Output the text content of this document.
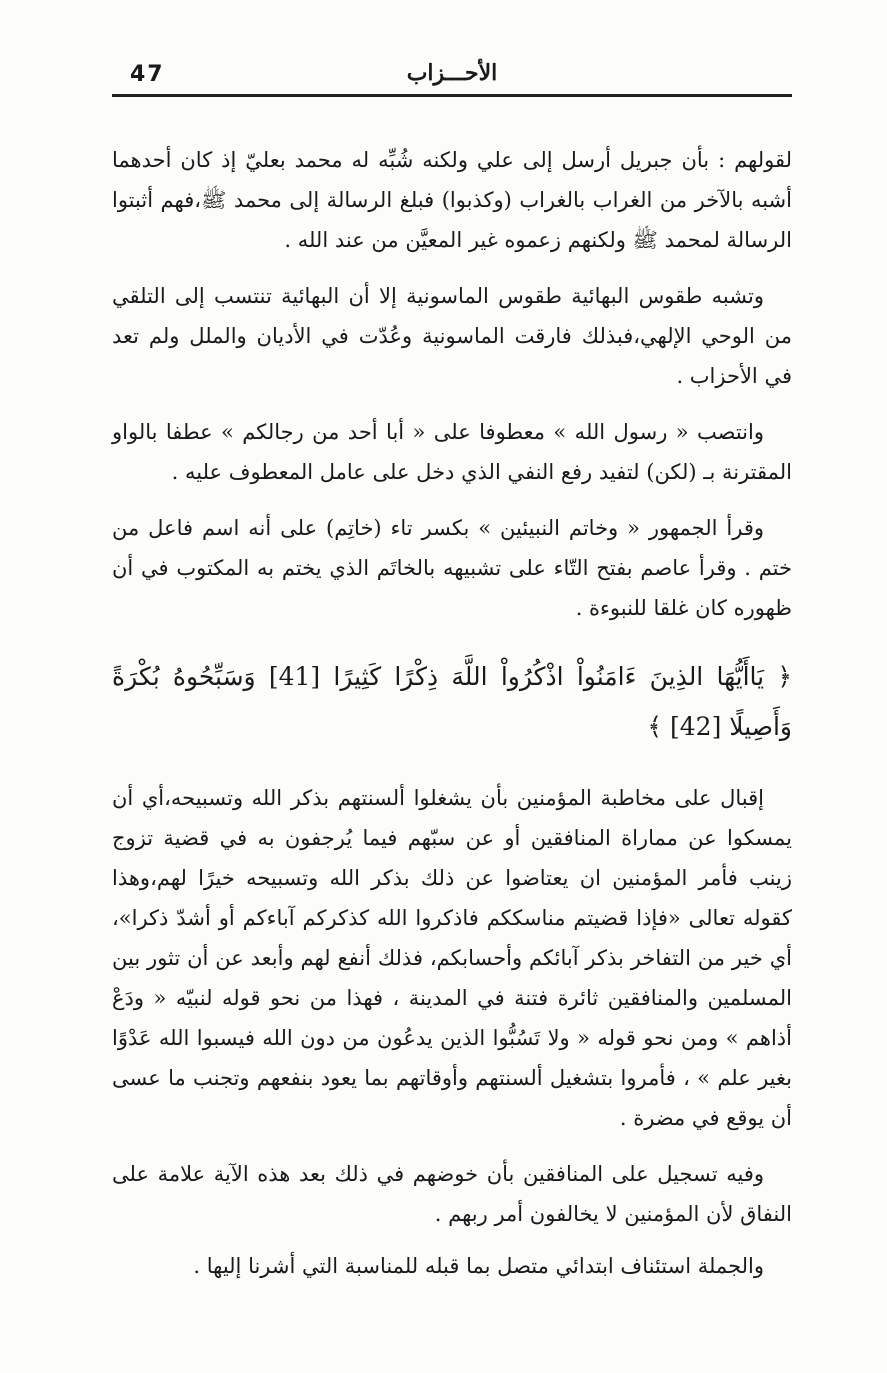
47	الأحـــزاب

لقولهم : بأن جبريل أرسل إلى علي ولكنه شُبِّه له محمد بعليّ إذ كان أحدهما أشبه بالآخر من الغراب بالغراب (وكذبوا) فبلغ الرسالة إلى محمد ﷺ،فهم أثبتوا الرسالة لمحمد ﷺ ولكنهم زعموه غير المعيَّن من عند الله .

وتشبه طقوس البهائية طقوس الماسونية إلا أن البهائية تنتسب إلى التلقي من الوحي الإلهي،فبذلك فارقت الماسونية وعُدّت في الأديان والملل ولم تعد في الأحزاب .

وانتصب « رسول الله » معطوفا على « أبا أحد من رجالكم » عطفا بالواو المقترنة بـ (لكن) لتفيد رفع النفي الذي دخل على عامل المعطوف عليه .

وقرأ الجمهور « وخاتم النبيئين » بكسر تاء (خاتِم) على أنه اسم فاعل من ختم . وقرأ عاصم بفتح التّاء على تشبيهه بالخاتَم الذي يختم به المكتوب في أن ظهوره كان غلقا للنبوءة .

﴿ يَاأَيُّهَا الذِينَ ءَامَنُواْ اذْكُرُواْ اللَّهَ ذِكْرًا كَثِيرًا [41] وَسَبِّحُوهُ بُكْرَةً وَأَصِيلًا [42] ﴾

إقبال على مخاطبة المؤمنين بأن يشغلوا ألسنتهم بذكر الله وتسبيحه،أي أن يمسكوا عن مماراة المنافقين أو عن سبّهم فيما يُرجفون به في قضية تزوج زينب فأمر المؤمنين ان يعتاضوا عن ذلك بذكر الله وتسبيحه خيرًا لهم،وهذا كقوله تعالى «فإذا قضيتم مناسككم فاذكروا الله كذكركم آباءكم أو أشدّ ذكرا»، أي خير من التفاخر بذكر آبائكم وأحسابكم، فذلك أنفع لهم وأبعد عن أن تثور بين المسلمين والمنافقين ثائرة فتنة في المدينة ، فهذا من نحو قوله لنبيّه « ودَعْ أذاهم » ومن نحو قوله « ولا تَسُبُّوا الذين يدعُون من دون الله فيسبوا الله عَدْوًا بغير علم » ، فأمروا بتشغيل ألسنتهم وأوقاتهم بما يعود بنفعهم وتجنب ما عسى أن يوقع في مضرة .

وفيه تسجيل على المنافقين بأن خوضهم في ذلك بعد هذه الآية علامة على النفاق لأن المؤمنين لا يخالفون أمر ربهم .

والجملة استئناف ابتدائي متصل بما قبله للمناسبة التي أشرنا إليها .
